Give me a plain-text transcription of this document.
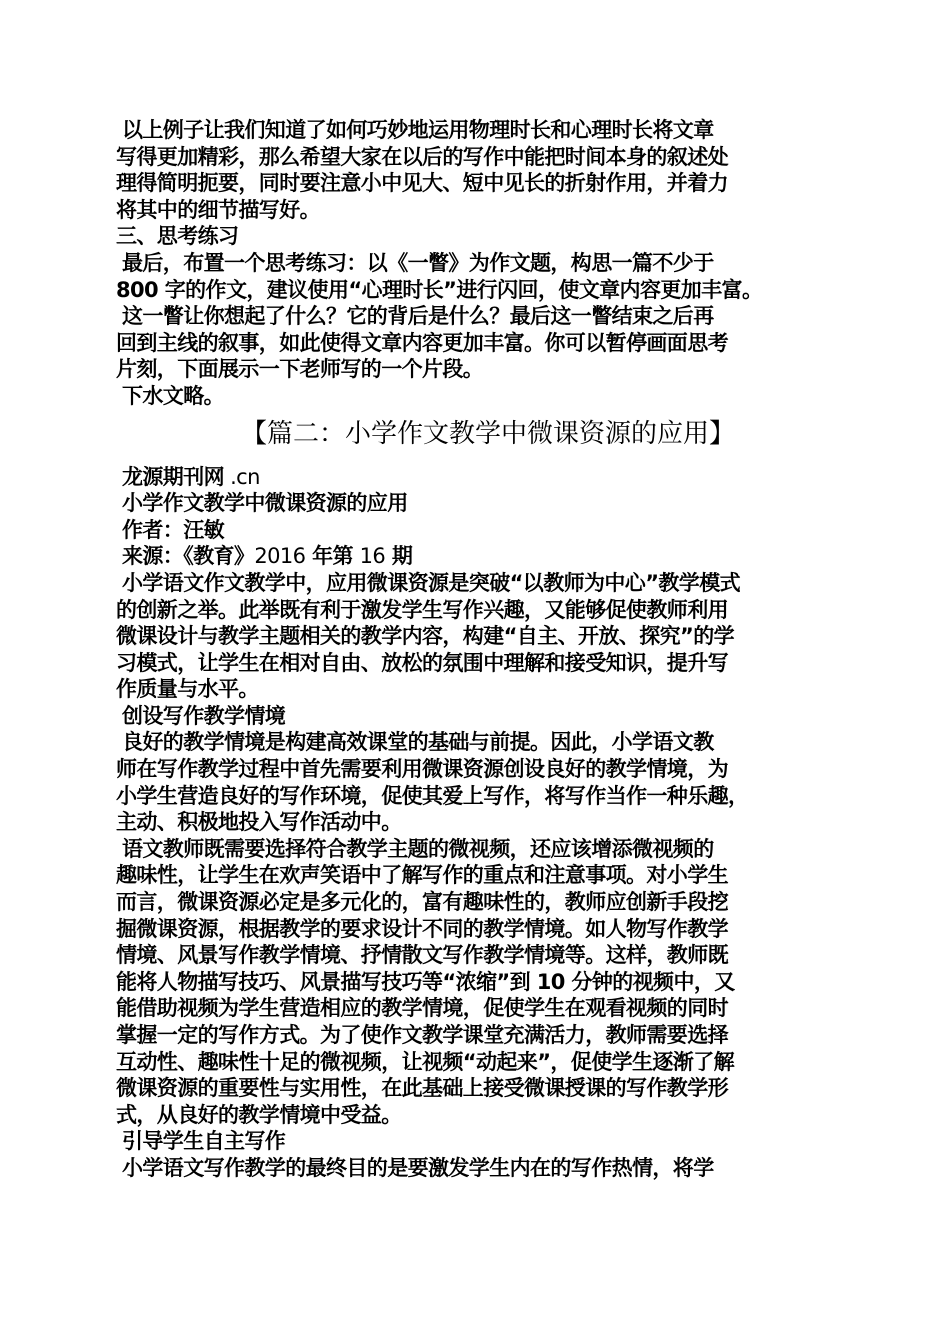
以上例子让我们知道了如何巧妙地运用物理时长和心理时长将文章
写得更加精彩，那么希望大家在以后的写作中能把时间本身的叙述处
理得简明扼要，同时要注意小中见大、短中见长的折射作用，并着力
将其中的细节描写好。
三、思考练习
最后，布置一个思考练习：以《一瞥》为作文题，构思一篇不少于
800 字的作文，建议使用“心理时长”进行闪回，使文章内容更加丰富。
这一瞥让你想起了什么？它的背后是什么？最后这一瞥结束之后再
回到主线的叙事，如此使得文章内容更加丰富。你可以暂停画面思考
片刻，下面展示一下老师写的一个片段。
下水文略。
【篇二：小学作文教学中微课资源的应用】
龙源期刊网 .cn
小学作文教学中微课资源的应用
作者：汪敏
来源：《教育》2016 年第 16 期
小学语文作文教学中，应用微课资源是突破“以教师为中心”教学模式
的创新之举。此举既有利于激发学生写作兴趣，又能够促使教师利用
微课设计与教学主题相关的教学内容，构建“自主、开放、探究”的学
习模式，让学生在相对自由、放松的氛围中理解和接受知识，提升写
作质量与水平。
创设写作教学情境
良好的教学情境是构建高效课堂的基础与前提。因此，小学语文教
师在写作教学过程中首先需要利用微课资源创设良好的教学情境，为
小学生营造良好的写作环境，促使其爱上写作，将写作当作一种乐趣，
主动、积极地投入写作活动中。
语文教师既需要选择符合教学主题的微视频，还应该增添微视频的
趣味性，让学生在欢声笑语中了解写作的重点和注意事项。对小学生
而言，微课资源必定是多元化的，富有趣味性的，教师应创新手段挖
掘微课资源，根据教学的要求设计不同的教学情境。如人物写作教学
情境、风景写作教学情境、抒情散文写作教学情境等。这样，教师既
能将人物描写技巧、风景描写技巧等“浓缩”到 10 分钟的视频中，又
能借助视频为学生营造相应的教学情境，促使学生在观看视频的同时
掌握一定的写作方式。为了使作文教学课堂充满活力，教师需要选择
互动性、趣味性十足的微视频，让视频“动起来”，促使学生逐渐了解
微课资源的重要性与实用性，在此基础上接受微课授课的写作教学形
式，从良好的教学情境中受益。
引导学生自主写作
小学语文写作教学的最终目的是要激发学生内在的写作热情，将学
